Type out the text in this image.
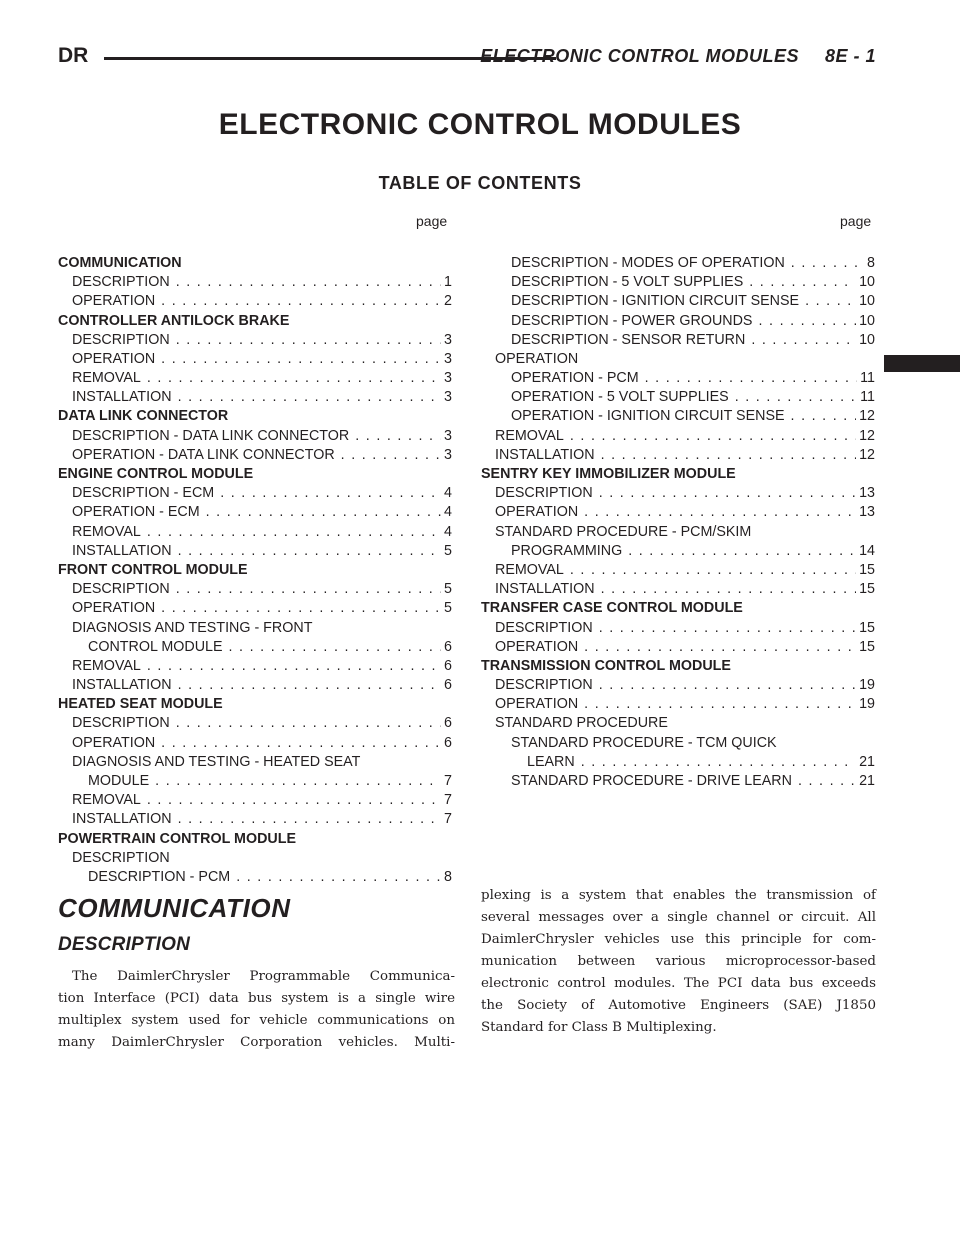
DR	ELECTRONIC CONTROL MODULES 8E - 1
ELECTRONIC CONTROL MODULES
TABLE OF CONTENTS
page	page
COMMUNICATION
DESCRIPTION . . .	1
OPERATION . . .	2
CONTROLLER ANTILOCK BRAKE
DESCRIPTION . . .	3
OPERATION . . .	3
REMOVAL . . .	3
INSTALLATION . . .	3
DATA LINK CONNECTOR
DESCRIPTION - DATA LINK CONNECTOR . . .	3
OPERATION - DATA LINK CONNECTOR . . .	3
ENGINE CONTROL MODULE
DESCRIPTION - ECM . . .	4
OPERATION - ECM . . .	4
REMOVAL . . .	4
INSTALLATION . . .	5
FRONT CONTROL MODULE
DESCRIPTION . . .	5
OPERATION . . .	5
DIAGNOSIS AND TESTING - FRONT
CONTROL MODULE . . .	6
REMOVAL . . .	6
INSTALLATION . . .	6
HEATED SEAT MODULE
DESCRIPTION . . .	6
OPERATION . . .	6
DIAGNOSIS AND TESTING - HEATED SEAT
MODULE . . .	7
REMOVAL . . .	7
INSTALLATION . . .	7
POWERTRAIN CONTROL MODULE
DESCRIPTION
DESCRIPTION - PCM . . .	8
DESCRIPTION - MODES OF OPERATION . . .	8
DESCRIPTION - 5 VOLT SUPPLIES . . .	10
DESCRIPTION - IGNITION CIRCUIT SENSE . . .	10
DESCRIPTION - POWER GROUNDS . . .	10
DESCRIPTION - SENSOR RETURN . . .	10
OPERATION
OPERATION - PCM . . .	11
OPERATION - 5 VOLT SUPPLIES . . .	11
OPERATION - IGNITION CIRCUIT SENSE . . .	12
REMOVAL . . .	12
INSTALLATION . . .	12
SENTRY KEY IMMOBILIZER MODULE
DESCRIPTION . . .	13
OPERATION . . .	13
STANDARD PROCEDURE - PCM/SKIM
PROGRAMMING . . .	14
REMOVAL . . .	15
INSTALLATION . . .	15
TRANSFER CASE CONTROL MODULE
DESCRIPTION . . .	15
OPERATION . . .	15
TRANSMISSION CONTROL MODULE
DESCRIPTION . . .	19
OPERATION . . .	19
STANDARD PROCEDURE
STANDARD PROCEDURE - TCM QUICK
LEARN . . .	21
STANDARD PROCEDURE - DRIVE LEARN . . .	21
COMMUNICATION
DESCRIPTION
The DaimlerChrysler Programmable Communica-
tion Interface (PCI) data bus system is a single wire
multiplex system used for vehicle communications on
many DaimlerChrysler Corporation vehicles. Multi-
plexing is a system that enables the transmission of
several messages over a single channel or circuit. All
DaimlerChrysler vehicles use this principle for com-
munication between various microprocessor-based
electronic control modules. The PCI data bus exceeds
the Society of Automotive Engineers (SAE) J1850
Standard for Class B Multiplexing.
